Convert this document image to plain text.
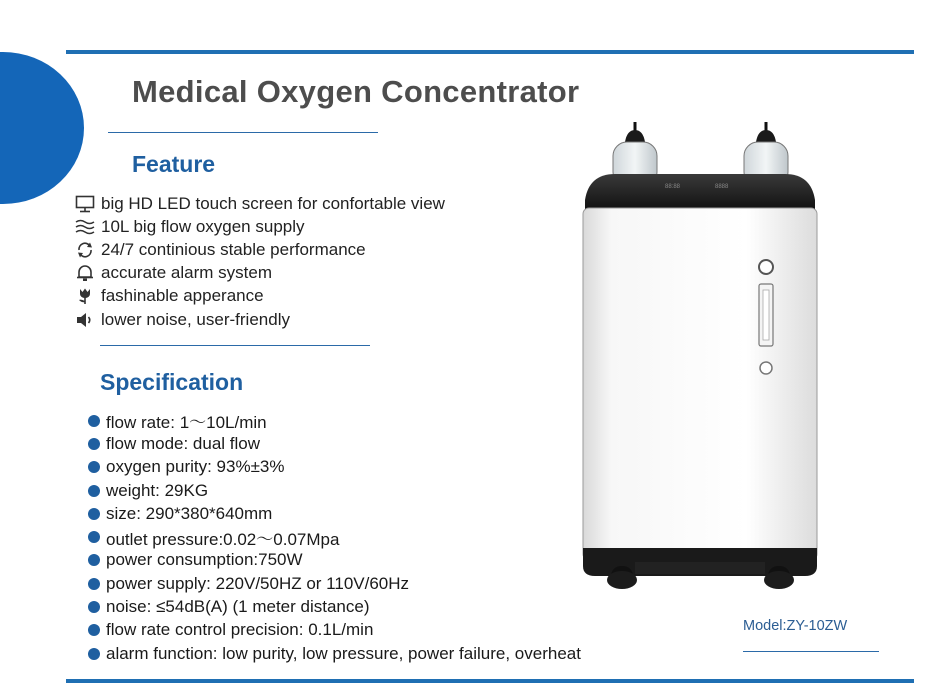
Medical Oxygen Concentrator
Feature
big HD LED touch screen for confortable view
10L big flow oxygen supply
24/7 continious stable performance
accurate alarm system
fashinable apperance
lower noise, user-friendly
Specification
flow rate: 1～10L/min
flow mode: dual flow
oxygen purity: 93%±3%
weight: 29KG
size: 290*380*640mm
outlet pressure:0.02～0.07Mpa
power consumption:750W
power supply: 220V/50HZ or 110V/60Hz
noise: ≤54dB(A) (1 meter distance)
flow rate control precision: 0.1L/min
alarm function: low purity, low pressure, power failure, overheat
88:88	8888

Model:ZY-10ZW
